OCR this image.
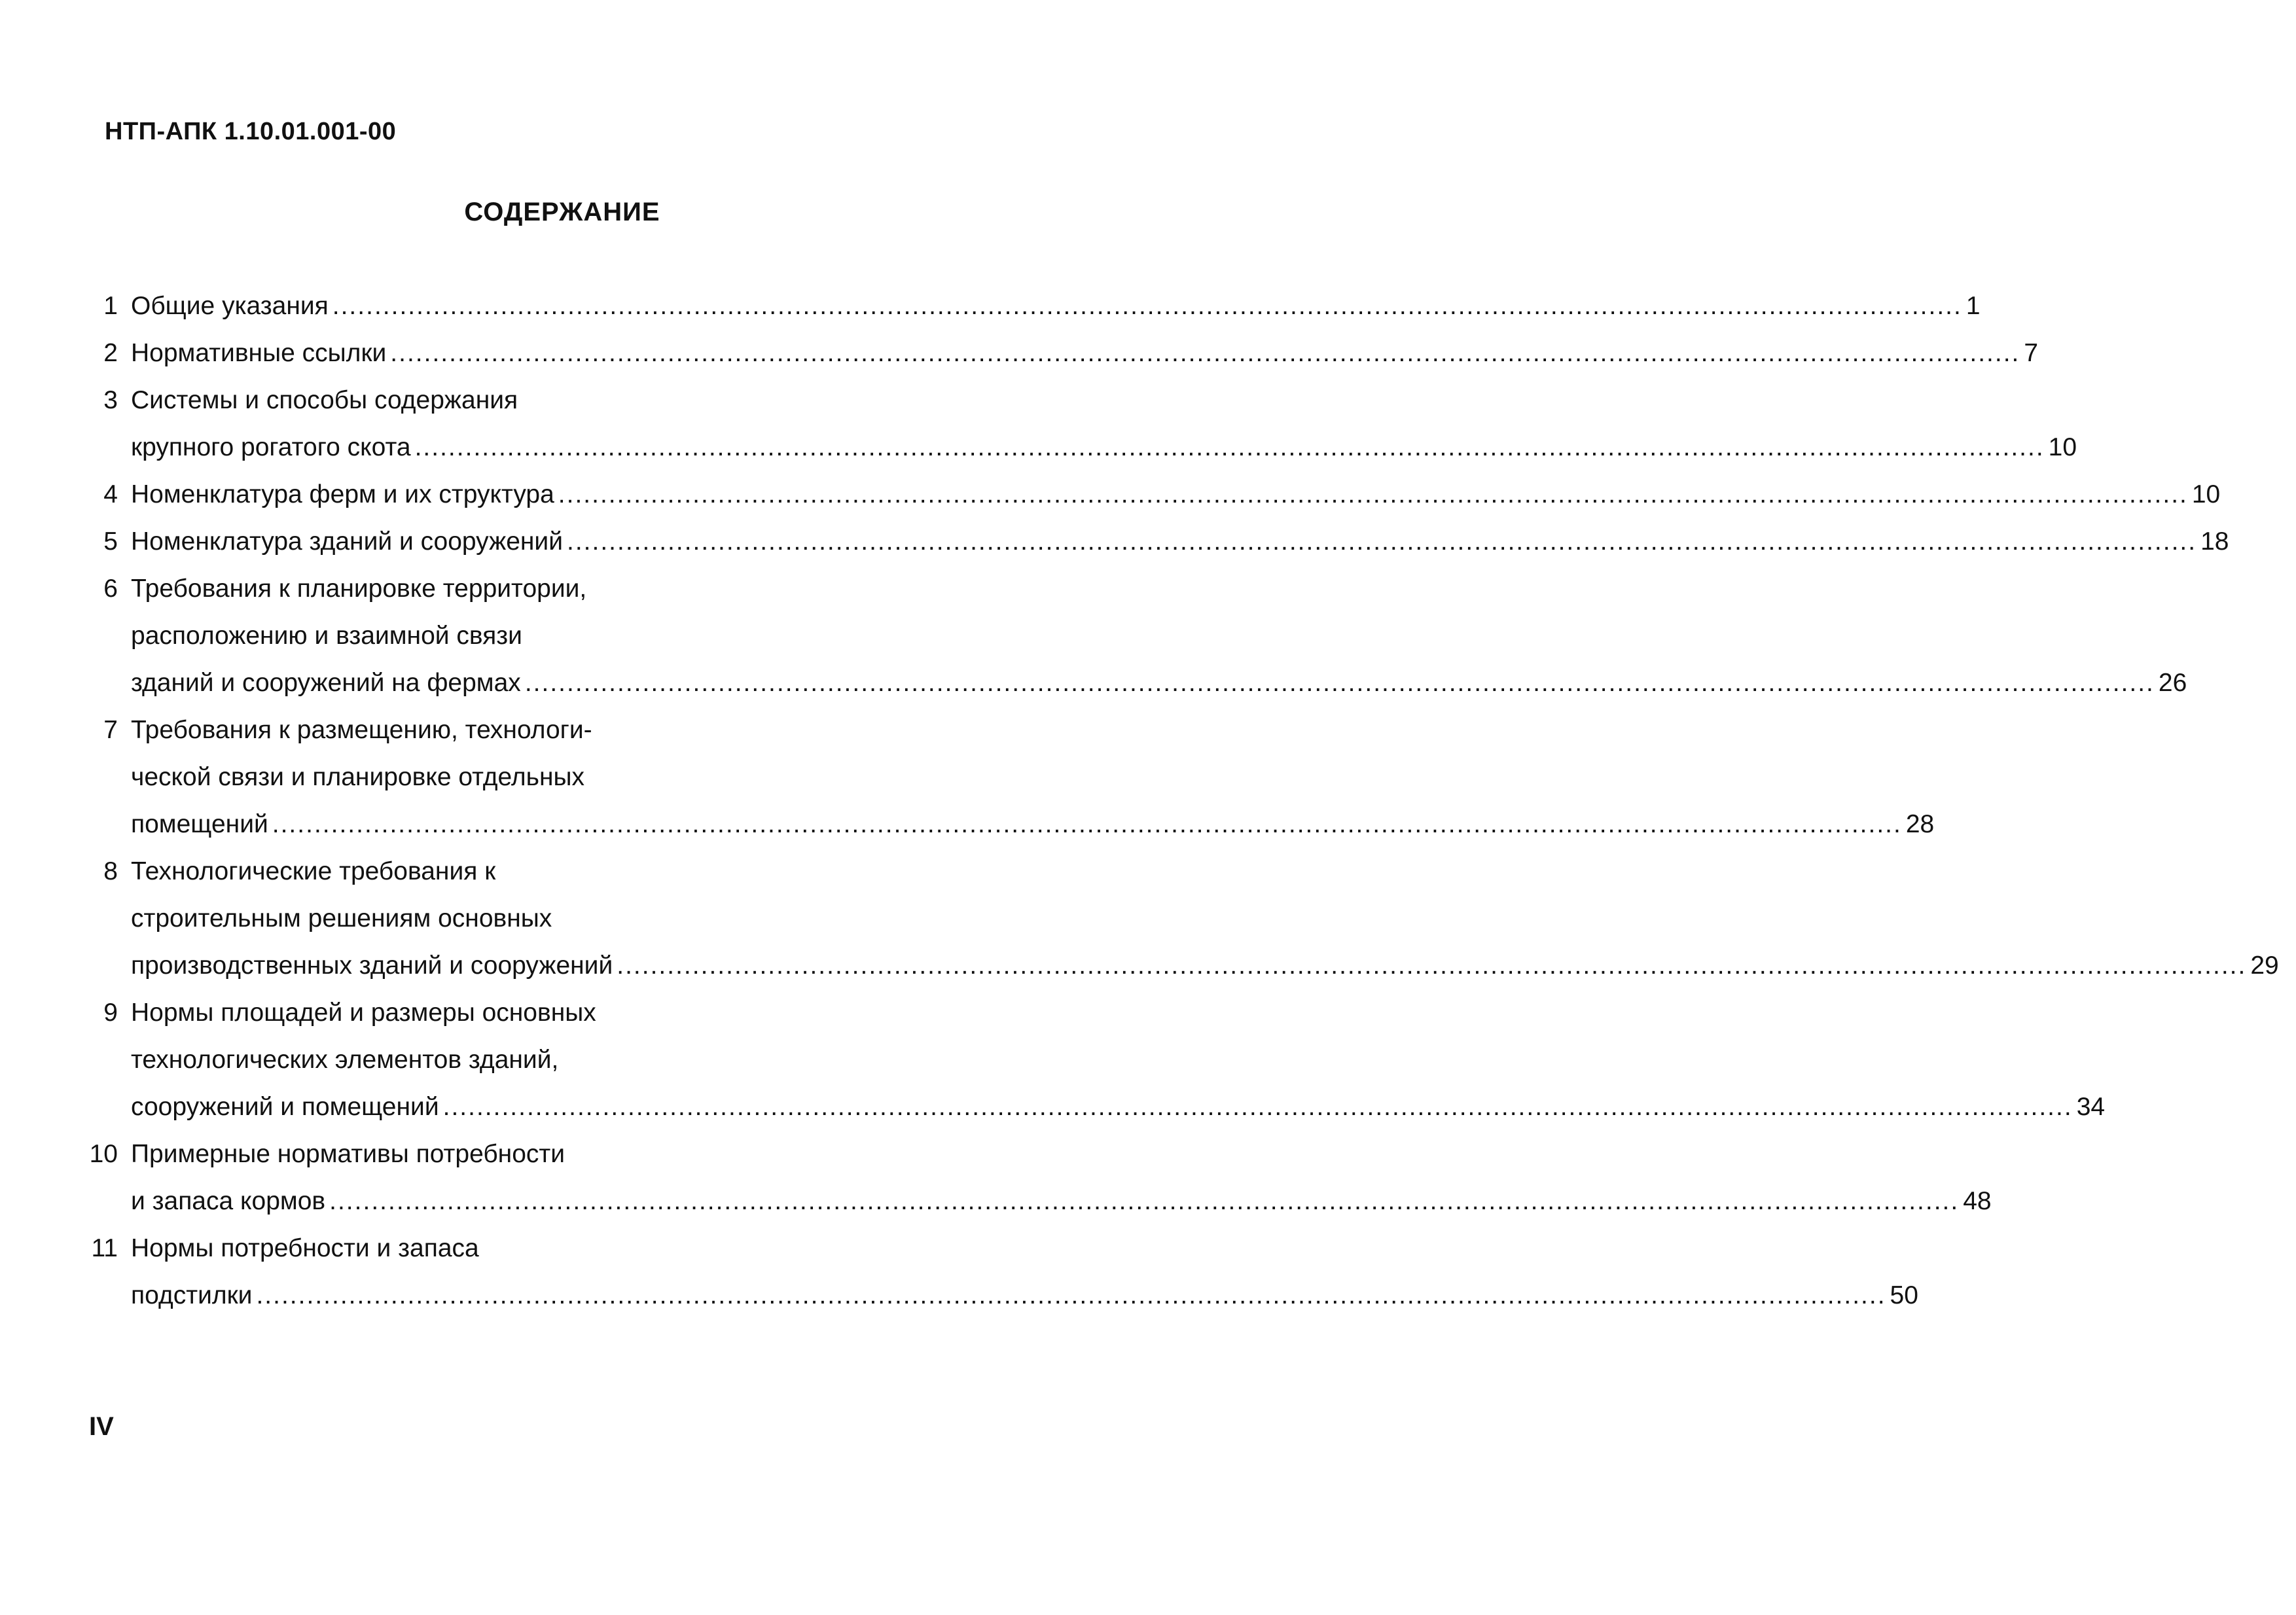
НТП-АПК 1.10.01.001-00
СОДЕРЖАНИЕ
1 Общие указания .....	1
2 Нормативные ссылки .....	7
3 Системы и способы содержания
крупного рогатого скота .....	10
4 Номенклатура ферм и их структура .....	10
5 Номенклатура зданий и сооружений .....	18
6 Требования к планировке территории,
расположению и взаимной связи
зданий и сооружений на фермах .....	26
7 Требования к размещению, технологи-
ческой связи и планировке отдельных
помещений .....	28
8 Технологические требования к
строительным решениям основных
производственных зданий и сооружений .....	29
9 Нормы площадей и размеры основных
технологических элементов зданий,
сооружений и помещений .....	34
10 Примерные нормативы потребности
и запаса кормов .....	48
11 Нормы потребности и запаса
подстилки .....	50
IV
